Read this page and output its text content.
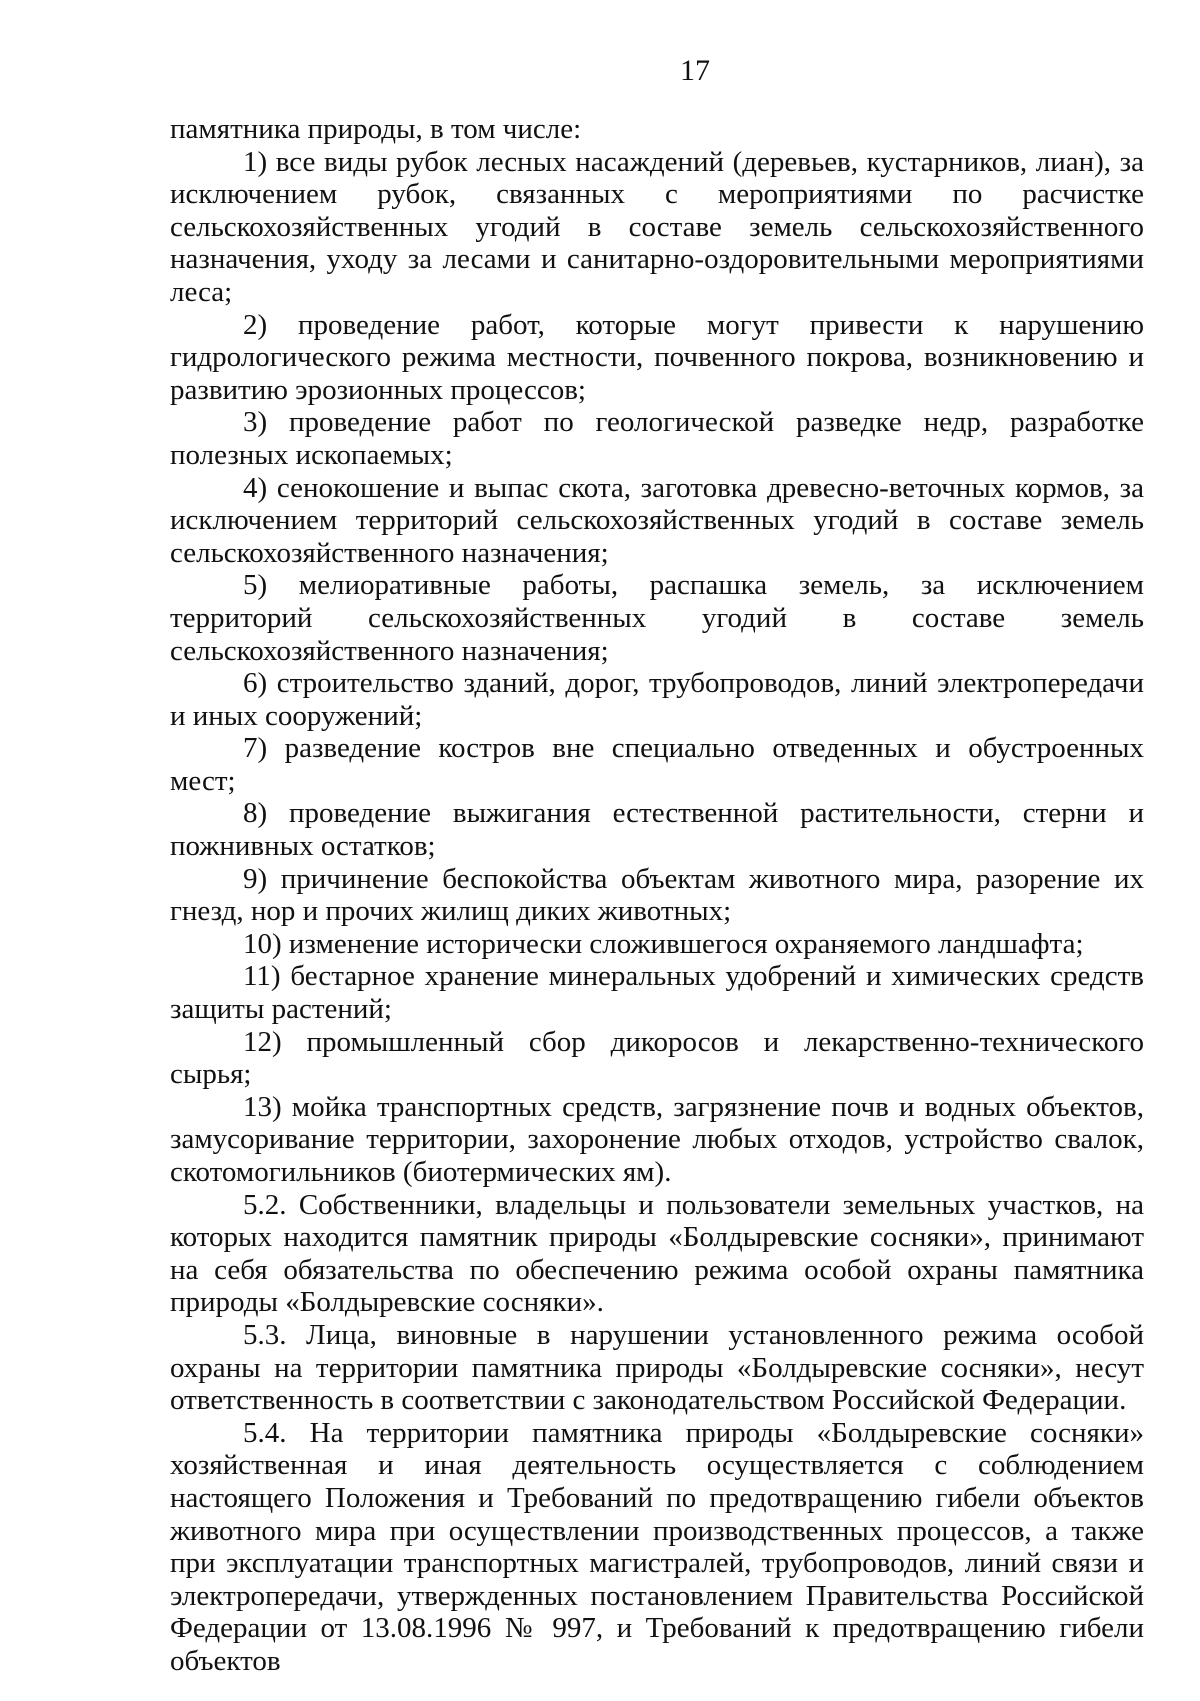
17

памятника природы, в том числе:

1) все виды рубок лесных насаждений (деревьев, кустарников, лиан), за исключением рубок, связанных с мероприятиями по расчистке сельскохозяйственных угодий в составе земель сельскохозяйственного назначения, уходу за лесами и санитарно-оздоровительными мероприятиями леса;

2) проведение работ, которые могут привести к нарушению гидрологического режима местности, почвенного покрова, возникновению и развитию эрозионных процессов;

3) проведение работ по геологической разведке недр, разработке полезных ископаемых;

4) сенокошение и выпас скота, заготовка древесно-веточных кормов, за исключением территорий сельскохозяйственных угодий в составе земель сельскохозяйственного назначения;

5) мелиоративные работы, распашка земель, за исключением территорий сельскохозяйственных угодий в составе земель сельскохозяйственного назначения;

6) строительство зданий, дорог, трубопроводов, линий электропередачи и иных сооружений;

7) разведение костров вне специально отведенных и обустроенных мест;

8) проведение выжигания естественной растительности, стерни и пожнивных остатков;

9) причинение беспокойства объектам животного мира, разорение их гнезд, нор и прочих жилищ диких животных;

10) изменение исторически сложившегося охраняемого ландшафта;

11) бестарное хранение минеральных удобрений и химических средств защиты растений;

12) промышленный сбор дикоросов и лекарственно-технического сырья;

13) мойка транспортных средств, загрязнение почв и водных объектов, замусоривание территории, захоронение любых отходов, устройство свалок, скотомогильников (биотермических ям).

5.2. Собственники, владельцы и пользователи земельных участков, на которых находится памятник природы «Болдыревские сосняки», принимают на себя обязательства по обеспечению режима особой охраны памятника природы «Болдыревские сосняки».

5.3. Лица, виновные в нарушении установленного режима особой охраны на территории памятника природы «Болдыревские сосняки», несут ответственность в соответствии с законодательством Российской Федерации.

5.4. На территории памятника природы «Болдыревские сосняки» хозяйственная и иная деятельность осуществляется с соблюдением настоящего Положения и Требований по предотвращению гибели объектов животного мира при осуществлении производственных процессов, а также при эксплуатации транспортных магистралей, трубопроводов, линий связи и электропередачи, утвержденных постановлением Правительства Российской Федерации от 13.08.1996 № 997, и Требований к предотвращению гибели объектов
